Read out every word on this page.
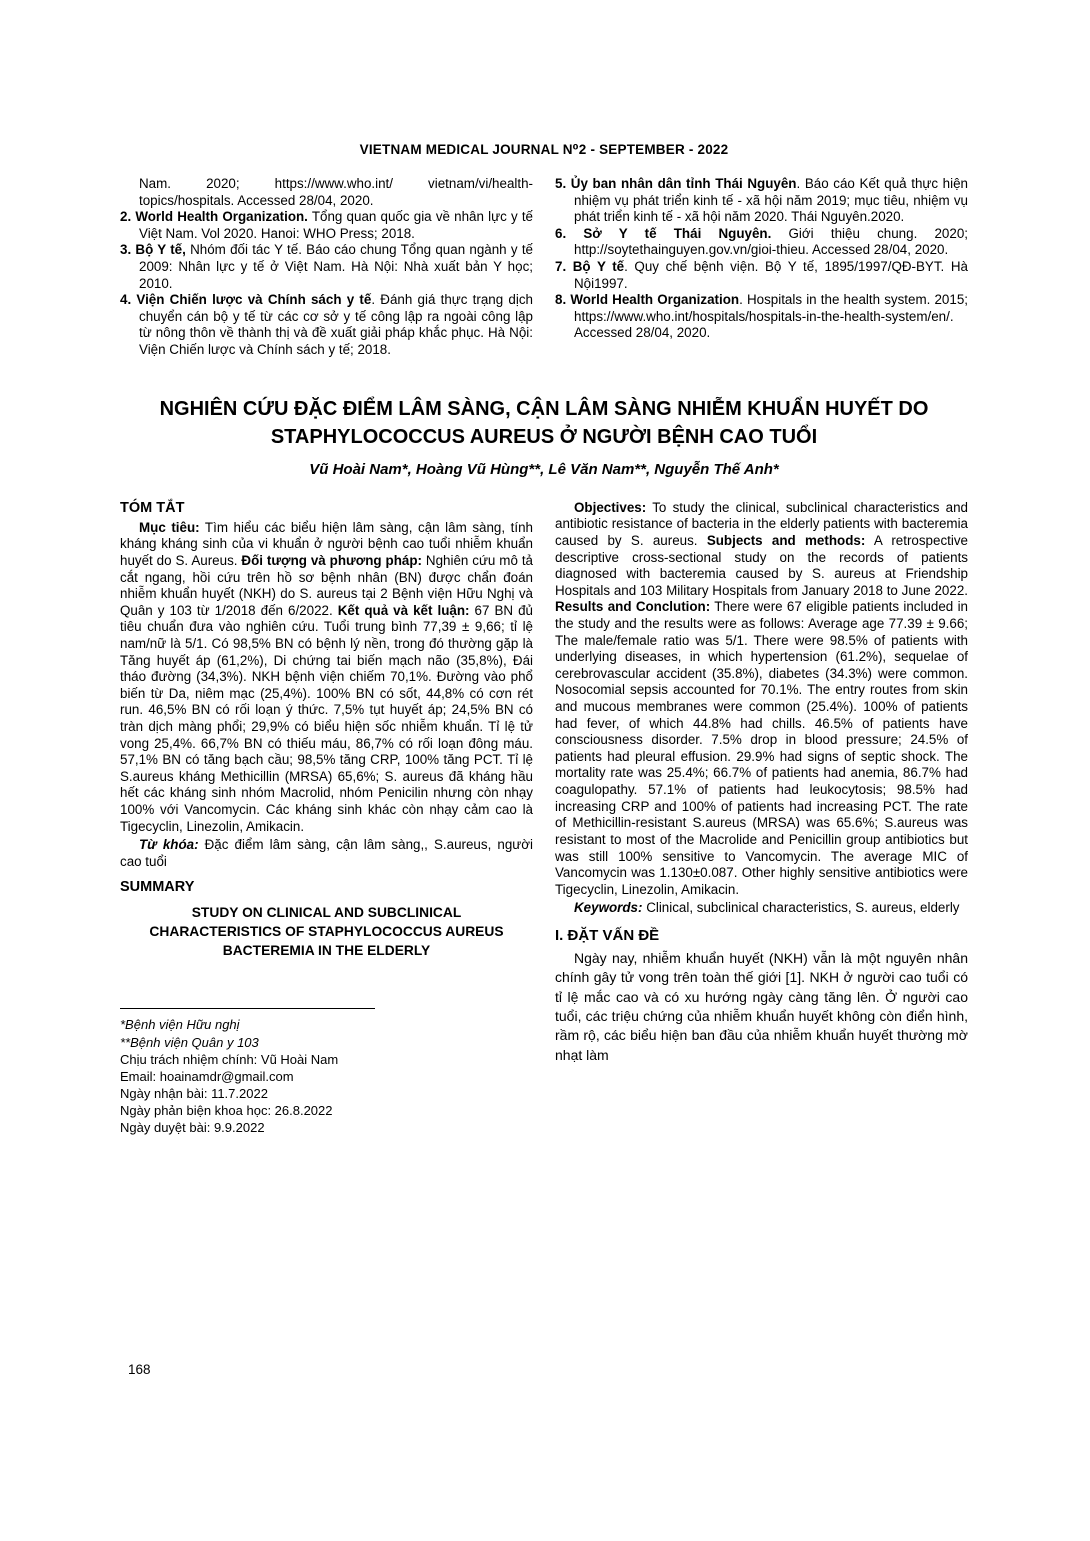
VIETNAM MEDICAL JOURNAL N⁰2 - SEPTEMBER - 2022

Nam. 2020; https://www.who.int/ vietnam/vi/health-topics/hospitals. Accessed 28/04, 2020.

2. World Health Organization. Tổng quan quốc gia về nhân lực y tế Việt Nam. Vol 2020. Hanoi: WHO Press; 2018.

3. Bộ Y tế, Nhóm đối tác Y tế. Báo cáo chung Tổng quan ngành y tế 2009: Nhân lực y tế ở Việt Nam. Hà Nội: Nhà xuất bản Y học; 2010.

4. Viện Chiến lược và Chính sách y tế. Đánh giá thực trạng dịch chuyển cán bộ y tế từ các cơ sở y tế công lập ra ngoài công lập từ nông thôn về thành thị và đề xuất giải pháp khắc phục. Hà Nội: Viện Chiến lược và Chính sách y tế; 2018.

5. Ủy ban nhân dân tỉnh Thái Nguyên. Báo cáo Kết quả thực hiện nhiệm vụ phát triển kinh tế - xã hội năm 2019; mục tiêu, nhiệm vụ phát triển kinh tế - xã hội năm 2020. Thái Nguyên.2020.

6. Sở Y tế Thái Nguyên. Giới thiệu chung. 2020; http://soytethainguyen.gov.vn/gioi-thieu. Accessed 28/04, 2020.

7. Bộ Y tế. Quy chế bệnh viện. Bộ Y tế, 1895/1997/QĐ-BYT. Hà Nội1997.

8. World Health Organization. Hospitals in the health system. 2015; https://www.who.int/hospitals/hospitals-in-the-health-system/en/. Accessed 28/04, 2020.

NGHIÊN CỨU ĐẶC ĐIỂM LÂM SÀNG, CẬN LÂM SÀNG NHIỄM KHUẨN HUYẾT DO STAPHYLOCOCCUS AUREUS Ở NGƯỜI BỆNH CAO TUỔI
Vũ Hoài Nam*, Hoàng Vũ Hùng**, Lê Văn Nam**, Nguyễn Thế Anh*
TÓM TẮT

Mục tiêu: Tìm hiểu các biểu hiện lâm sàng, cận lâm sàng, tính kháng kháng sinh của vi khuẩn ở người bệnh cao tuổi nhiễm khuẩn huyết do S. Aureus. Đối tượng và phương pháp: Nghiên cứu mô tả cắt ngang, hồi cứu trên hồ sơ bệnh nhân (BN) được chẩn đoán nhiễm khuẩn huyết (NKH) do S. aureus tại 2 Bệnh viện Hữu Nghị và Quân y 103 từ 1/2018 đến 6/2022. Kết quả và kết luận: 67 BN đủ tiêu chuẩn đưa vào nghiên cứu. Tuổi trung bình 77,39 ± 9,66; tỉ lệ nam/nữ là 5/1. Có 98,5% BN có bệnh lý nền, trong đó thường gặp là Tăng huyết áp (61,2%), Di chứng tai biến mạch não (35,8%), Đái tháo đường (34,3%). NKH bệnh viện chiếm 70,1%. Đường vào phổ biến từ Da, niêm mạc (25,4%). 100% BN có sốt, 44,8% có cơn rét run. 46,5% BN có rối loạn ý thức. 7,5% tụt huyết áp; 24,5% BN có tràn dịch màng phổi; 29,9% có biểu hiện sốc nhiễm khuẩn. Tỉ lệ tử vong 25,4%. 66,7% BN có thiếu máu, 86,7% có rối loạn đông máu. 57,1% BN có tăng bạch cầu; 98,5% tăng CRP, 100% tăng PCT. Tỉ lệ S.aureus kháng Methicillin (MRSA) 65,6%; S. aureus đã kháng hầu hết các kháng sinh nhóm Macrolid, nhóm Penicilin nhưng còn nhạy 100% với Vancomycin. Các kháng sinh khác còn nhạy cảm cao là Tigecyclin, Linezolin, Amikacin.

Từ khóa: Đặc điểm lâm sàng, cận lâm sàng,, S.aureus, người cao tuổi

SUMMARY
STUDY ON CLINICAL AND SUBCLINICAL CHARACTERISTICS OF STAPHYLOCOCCUS AUREUS BACTEREMIA IN THE ELDERLY
*Bệnh viện Hữu nghị
**Bệnh viện Quân y 103
Chịu trách nhiệm chính: Vũ Hoài Nam
Email: hoainamdr@gmail.com
Ngày nhận bài: 11.7.2022
Ngày phản biện khoa học: 26.8.2022
Ngày duyệt bài: 9.9.2022

Objectives: To study the clinical, subclinical characteristics and antibiotic resistance of bacteria in the elderly patients with bacteremia caused by S. aureus. Subjects and methods: A retrospective descriptive cross-sectional study on the records of patients diagnosed with bacteremia caused by S. aureus at Friendship Hospitals and 103 Military Hospitals from January 2018 to June 2022. Results and Conclution: There were 67 eligible patients included in the study and the results were as follows: Average age 77.39 ± 9.66; The male/female ratio was 5/1. There were 98.5% of patients with underlying diseases, in which hypertension (61.2%), sequelae of cerebrovascular accident (35.8%), diabetes (34.3%) were common. Nosocomial sepsis accounted for 70.1%. The entry routes from skin and mucous membranes were common (25.4%). 100% of patients had fever, of which 44.8% had chills. 46.5% of patients have consciousness disorder. 7.5% drop in blood pressure; 24.5% of patients had pleural effusion. 29.9% had signs of septic shock. The mortality rate was 25.4%; 66.7% of patients had anemia, 86.7% had coagulopathy. 57.1% of patients had leukocytosis; 98.5% had increasing CRP and 100% of patients had increasing PCT. The rate of Methicillin-resistant S.aureus (MRSA) was 65.6%; S.aureus was resistant to most of the Macrolide and Penicillin group antibiotics but was still 100% sensitive to Vancomycin. The average MIC of Vancomycin was 1.130±0.087. Other highly sensitive antibiotics were Tigecyclin, Linezolin, Amikacin.

Keywords: Clinical, subclinical characteristics, S. aureus, elderly

I. ĐẶT VẤN ĐỀ

Ngày nay, nhiễm khuẩn huyết (NKH) vẫn là một nguyên nhân chính gây tử vong trên toàn thế giới [1]. NKH ở người cao tuổi có tỉ lệ mắc cao và có xu hướng ngày càng tăng lên. Ở người cao tuổi, các triệu chứng của nhiễm khuẩn huyết không còn điển hình, rầm rộ, các biểu hiện ban đầu của nhiễm khuẩn huyết thường mờ nhạt làm

168
